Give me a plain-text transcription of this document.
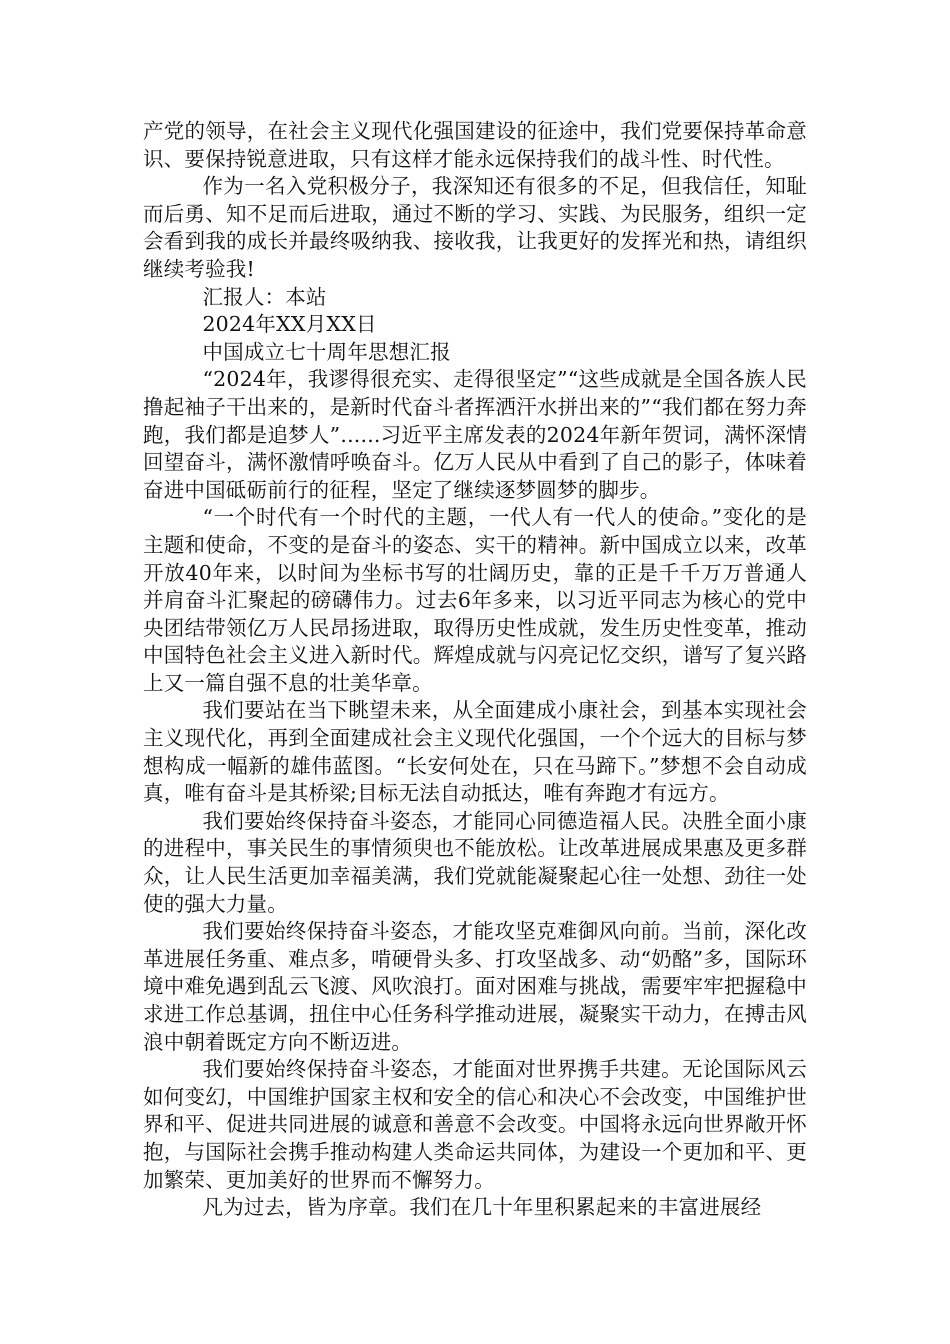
产党的领导，在社会主义现代化强国建设的征途中，我们党要保持革命意识、要保持锐意进取，只有这样才能永远保持我们的战斗性、时代性。

作为一名入党积极分子，我深知还有很多的不足，但我信任，知耻而后勇、知不足而后进取，通过不断的学习、实践、为民服务，组织一定会看到我的成长并最终吸纳我、接收我，让我更好的发挥光和热，请组织继续考验我!

汇报人：本站

2024年XX月XX日

中国成立七十周年思想汇报

“2024年，我谬得很充实、走得很坚定”“这些成就是全国各族人民撸起袖子干出来的，是新时代奋斗者挥洒汗水拼出来的”“我们都在努力奔跑，我们都是追梦人”......习近平主席发表的2024年新年贺词，满怀深情回望奋斗，满怀激情呼唤奋斗。亿万人民从中看到了自己的影子，体味着奋进中国砥砺前行的征程，坚定了继续逐梦圆梦的脚步。

“一个时代有一个时代的主题，一代人有一代人的使命。”变化的是主题和使命，不变的是奋斗的姿态、实干的精神。新中国成立以来，改革开放40年来，以时间为坐标书写的壮阔历史，靠的正是千千万万普通人并肩奋斗汇聚起的磅礴伟力。过去6年多来，以习近平同志为核心的党中央团结带领亿万人民昂扬进取，取得历史性成就，发生历史性变革，推动中国特色社会主义进入新时代。辉煌成就与闪亮记忆交织，谱写了复兴路上又一篇自强不息的壮美华章。

我们要站在当下眺望未来，从全面建成小康社会，到基本实现社会主义现代化，再到全面建成社会主义现代化强国，一个个远大的目标与梦想构成一幅新的雄伟蓝图。“长安何处在，只在马蹄下。”梦想不会自动成真，唯有奋斗是其桥梁;目标无法自动抵达，唯有奔跑才有远方。

我们要始终保持奋斗姿态，才能同心同德造福人民。决胜全面小康的进程中，事关民生的事情须臾也不能放松。让改革进展成果惠及更多群众，让人民生活更加幸福美满，我们党就能凝聚起心往一处想、劲往一处使的强大力量。

我们要始终保持奋斗姿态，才能攻坚克难御风向前。当前，深化改革进展任务重、难点多，啃硬骨头多、打攻坚战多、动“奶酪”多，国际环境中难免遇到乱云飞渡、风吹浪打。面对困难与挑战，需要牢牢把握稳中求进工作总基调，扭住中心任务科学推动进展，凝聚实干动力，在搏击风浪中朝着既定方向不断迈进。

我们要始终保持奋斗姿态，才能面对世界携手共建。无论国际风云如何变幻，中国维护国家主权和安全的信心和决心不会改变，中国维护世界和平、促进共同进展的诚意和善意不会改变。中国将永远向世界敞开怀抱，与国际社会携手推动构建人类命运共同体，为建设一个更加和平、更加繁荣、更加美好的世界而不懈努力。

凡为过去，皆为序章。我们在几十年里积累起来的丰富进展经
